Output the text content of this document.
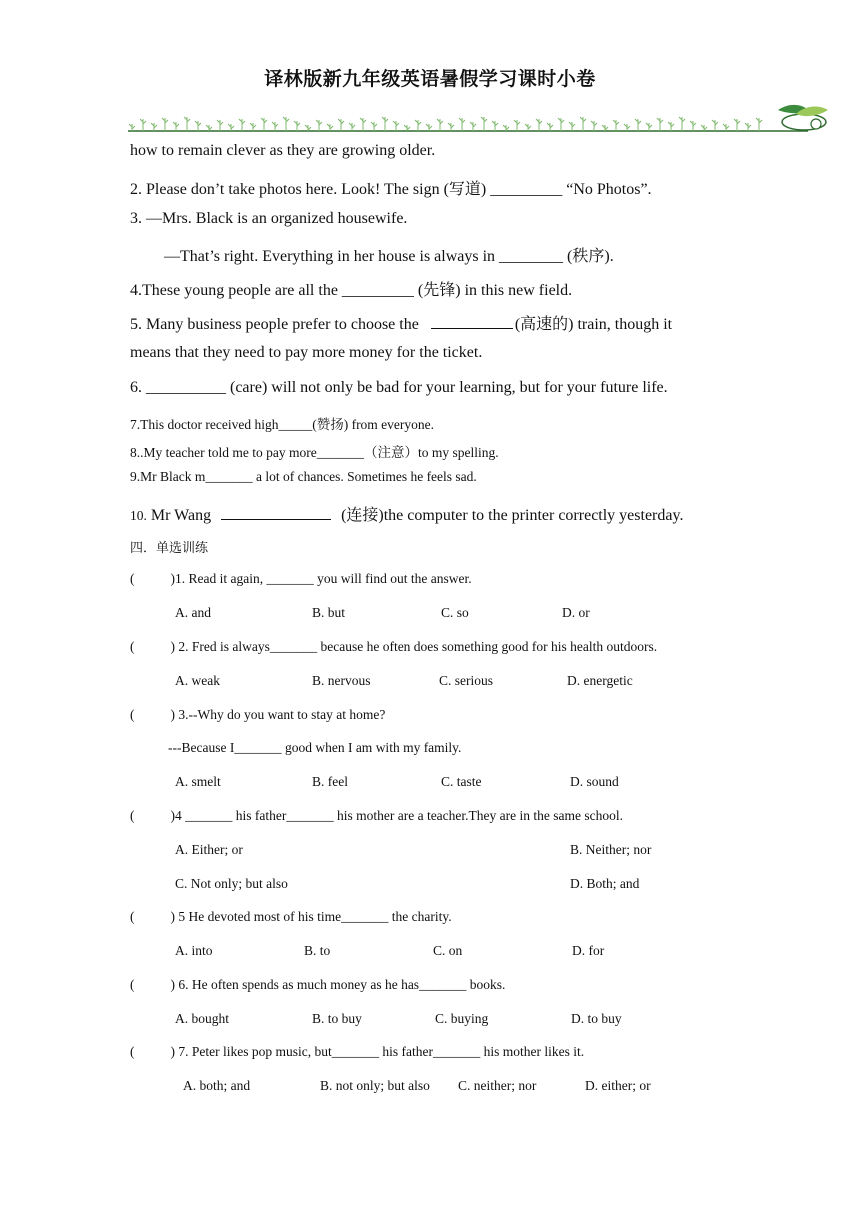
译林版新九年级英语暑假学习课时小卷
how to remain clever as they are growing older.
2. Please don’t take photos here. Look! The sign (写道) _________ “No Photos”.
3. —Mrs. Black is an organized housewife.
—That’s right. Everything in her house is always in ________ (秩序).
4.These young people are all the _________ (先锋) in this new field.
5. Many business people prefer to choose the	(高速的) train, though it
means that they need to pay more money for the ticket.
6. __________ (care) will not only be bad for your learning, but for your future life.
7.This doctor received high_____(赞扬) from everyone.
8..My teacher told me to pay more_______（注意）to my spelling.
9.Mr Black m_______ a lot of chances. Sometimes he feels sad.
10. Mr Wang	(连接)the computer to the printer correctly yesterday.
四．单选训练
(	)1. Read it again, _______ you will find out the answer.
A. and	B. but	C. so	D. or
(	) 2. Fred is always_______ because he often does something good for his health outdoors.
A. weak	B. nervous	C. serious	D. energetic
(	) 3.--Why do you want to stay at home?
---Because I_______ good when I am with my family.
A. smelt	B. feel	C. taste	D. sound
(	)4 _______ his father_______ his mother are a teacher.They are in the same school.
A. Either; or	B. Neither; nor
C. Not only; but also	D. Both; and
(	) 5 He devoted most of his time_______ the charity.
A. into	B. to	C. on	D. for
(	) 6. He often spends as much money as he has_______ books.
A. bought	B. to buy	C. buying	D. to buy
(	) 7. Peter likes pop music, but_______ his father_______ his mother likes it.
A. both; and	B. not only; but also C. neither; nor	D. either; or
